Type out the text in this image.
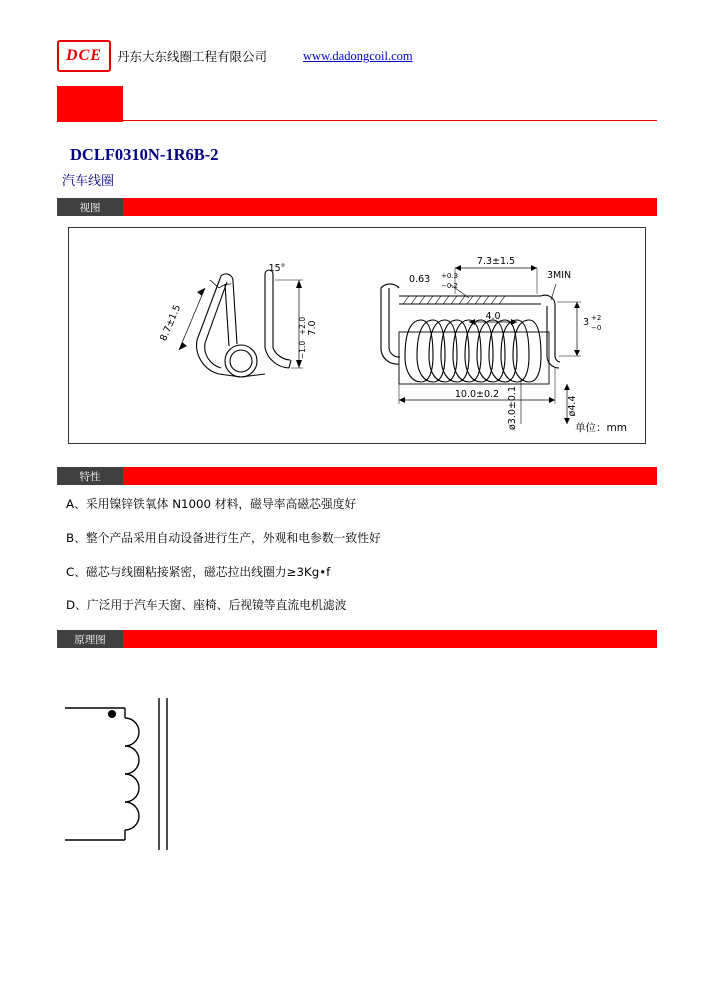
DCE 丹东大东线圈工程有限公司	www.dadongcoil.com
DCLF0310N-1R6B-2
汽车线圈
视图
15°
8.7±1.5	7.0
+2.0
−1.0
7.3±1.5
0.63 +0.3
−0.2
3MIN
4.0
3 +2
−0
10.0±0.2 ø3.0±0.1	ø4.4
单位：mm
特性
A、采用镍锌铁氧体 N1000 材料，磁导率高磁芯强度好
B、整个产品采用自动设备进行生产，外观和电参数一致性好
C、磁芯与线圈粘接紧密，磁芯拉出线圈力≥3Kg•f
D、广泛用于汽车天窗、座椅、后视镜等直流电机滤波
原理图
